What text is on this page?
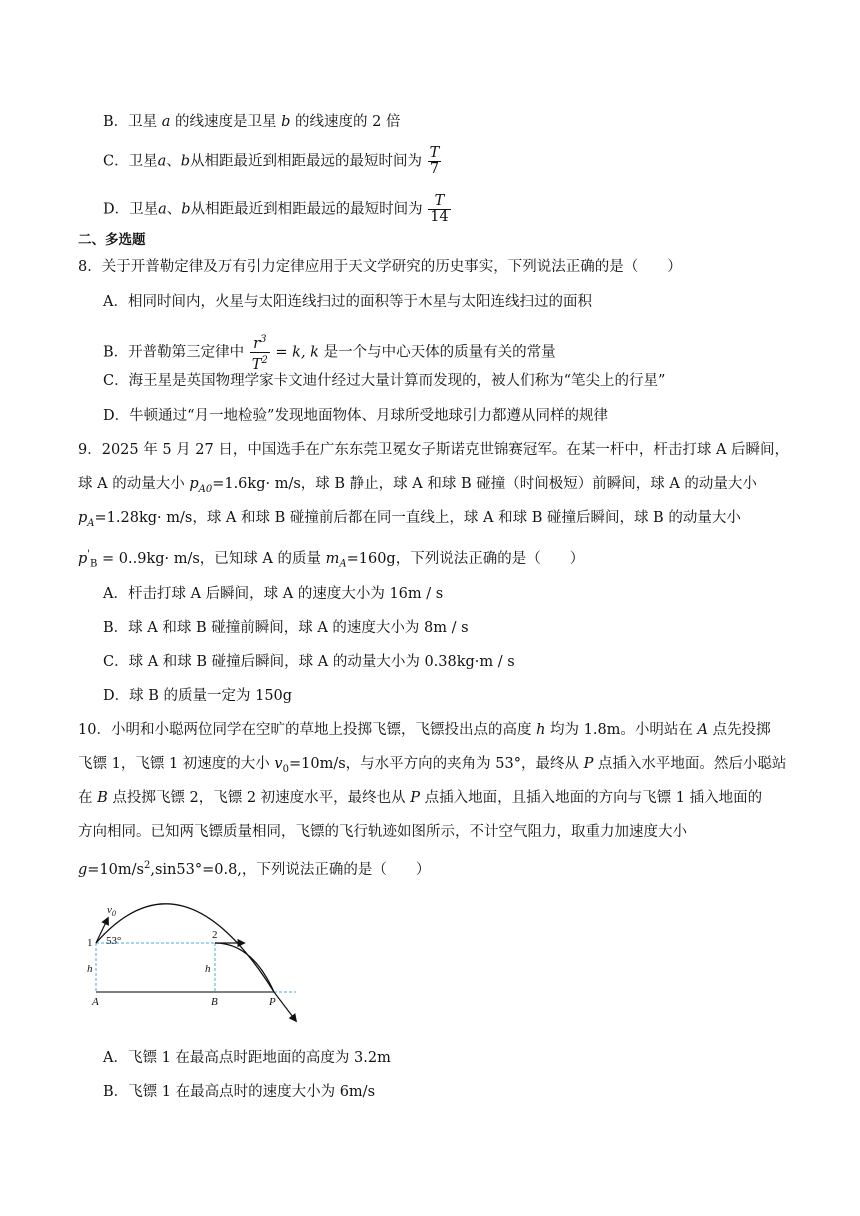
B．卫星 a 的线速度是卫星 b 的线速度的 2 倍
C．卫星a、b从相距最近到相距最远的最短时间为 $\frac{T}{7}$
D．卫星a、b从相距最近到相距最远的最短时间为 $\frac{T}{14}$
二、多选题
8．关于开普勒定律及万有引力定律应用于天文学研究的历史事实，下列说法正确的是（　　）
A．相同时间内，火星与太阳连线扫过的面积等于木星与太阳连线扫过的面积
B．开普勒第三定律中 $\frac{r^3}{T^2} = k$, k 是一个与中心天体的质量有关的常量
C．海王星是英国物理学家卡文迪什经过大量计算而发现的，被人们称为“笔尖上的行星”
D．牛顿通过“月一地检验”发现地面物体、月球所受地球引力都遵从同样的规律
9．2025 年 5 月 27 日，中国选手在广东东莞卫冕女子斯诺克世锦赛冠军。在某一杆中，杆击打球 A 后瞬间，
球 A 的动量大小 $p_{A0}=1.6kg\cdot m/s$，球 B 静止，球 A 和球 B 碰撞（时间极短）前瞬间，球 A 的动量大小
$p_A=1.28kg\cdot m/s$，球 A 和球 B 碰撞前后都在同一直线上，球 A 和球 B 碰撞后瞬间，球 B 的动量大小
$p'_B = 0..9kg\cdot m/s$，已知球 A 的质量 $m_A=160g$，下列说法正确的是（　　）
A．杆击打球 A 后瞬间，球 A 的速度大小为 16m / s
B．球 A 和球 B 碰撞前瞬间，球 A 的速度大小为 8m / s
C．球 A 和球 B 碰撞后瞬间，球 A 的动量大小为 0.38kg·m / s
D．球 B 的质量一定为 150g
10．小明和小聪两位同学在空旷的草地上投掷飞镖，飞镖投出点的高度 h 均为 1.8m。小明站在 A 点先投掷
飞镖 1，飞镖 1 初速度的大小 $v_0=10m/s$，与水平方向的夹角为 53°，最终从 P 点插入水平地面。然后小聪站
在 B 点投掷飞镖 2，飞镖 2 初速度水平，最终也从 P 点插入地面，且插入地面的方向与飞镖 1 插入地面的
方向相同。已知两飞镖质量相同，飞镖的飞行轨迹如图所示，不计空气阻力，取重力加速度大小
$g=10m/s^2,\sin 53^\circ=0.8$,，下列说法正确的是（　　）
$v_0$
1 53°	2
h	h
A	B	P
A．飞镖 1 在最高点时距地面的高度为 3.2m
B．飞镖 1 在最高点时的速度大小为 6m/s
